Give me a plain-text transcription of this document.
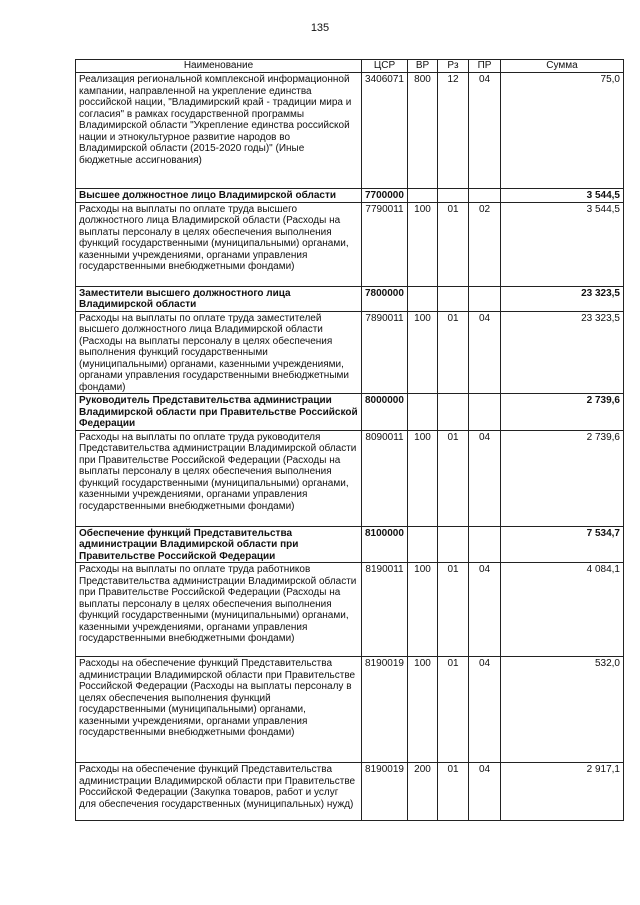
135
Наименование	ЦСР	ВР	Рз	ПР	Сумма
Реализация региональной комплексной информационной кампании, направленной на укрепление единства российской нации, "Владимирский край - традиции мира и согласия" в рамках государственной программы Владимирской области "Укрепление единства российской нации и этнокультурное развитие народов во Владимирской области (2015-2020 годы)" (Иные бюджетные ассигнования)	3406071	800	12	04	75,0
Высшее должностное лицо Владимирской области	7700000				3 544,5
Расходы на выплаты по оплате труда высшего должностного лица Владимирской области (Расходы на выплаты персоналу в целях обеспечения выполнения функций государственными (муниципальными) органами, казенными учреждениями, органами управления государственными внебюджетными фондами)	7790011	100	01	02	3 544,5
Заместители высшего должностного лица Владимирской области	7800000				23 323,5
Расходы на выплаты по оплате труда заместителей высшего должностного лица Владимирской области (Расходы на выплаты персоналу в целях обеспечения выполнения функций государственными (муниципальными) органами, казенными учреждениями, органами управления государственными внебюджетными фондами)	7890011	100	01	04	23 323,5
Руководитель Представительства администрации Владимирской области при Правительстве Российской Федерации	8000000				2 739,6
Расходы на выплаты по оплате труда руководителя Представительства администрации Владимирской области при Правительстве Российской Федерации (Расходы на выплаты персоналу в целях обеспечения выполнения функций государственными (муниципальными) органами, казенными учреждениями, органами управления государственными внебюджетными фондами)	8090011	100	01	04	2 739,6
Обеспечение функций Представительства администрации Владимирской области при Правительстве Российской Федерации	8100000				7 534,7
Расходы на выплаты по оплате труда работников Представительства администрации Владимирской области при Правительстве Российской Федерации (Расходы на выплаты персоналу в целях обеспечения выполнения функций государственными (муниципальными) органами, казенными учреждениями, органами управления государственными внебюджетными фондами)	8190011	100	01	04	4 084,1
Расходы на обеспечение функций Представительства администрации Владимирской области при Правительстве Российской Федерации (Расходы на выплаты персоналу в целях обеспечения выполнения функций государственными (муниципальными) органами, казенными учреждениями, органами управления государственными внебюджетными фондами)	8190019	100	01	04	532,0
Расходы на обеспечение функций Представительства администрации Владимирской области при Правительстве Российской Федерации (Закупка товаров, работ и услуг для обеспечения государственных (муниципальных) нужд)	8190019	200	01	04	2 917,1
